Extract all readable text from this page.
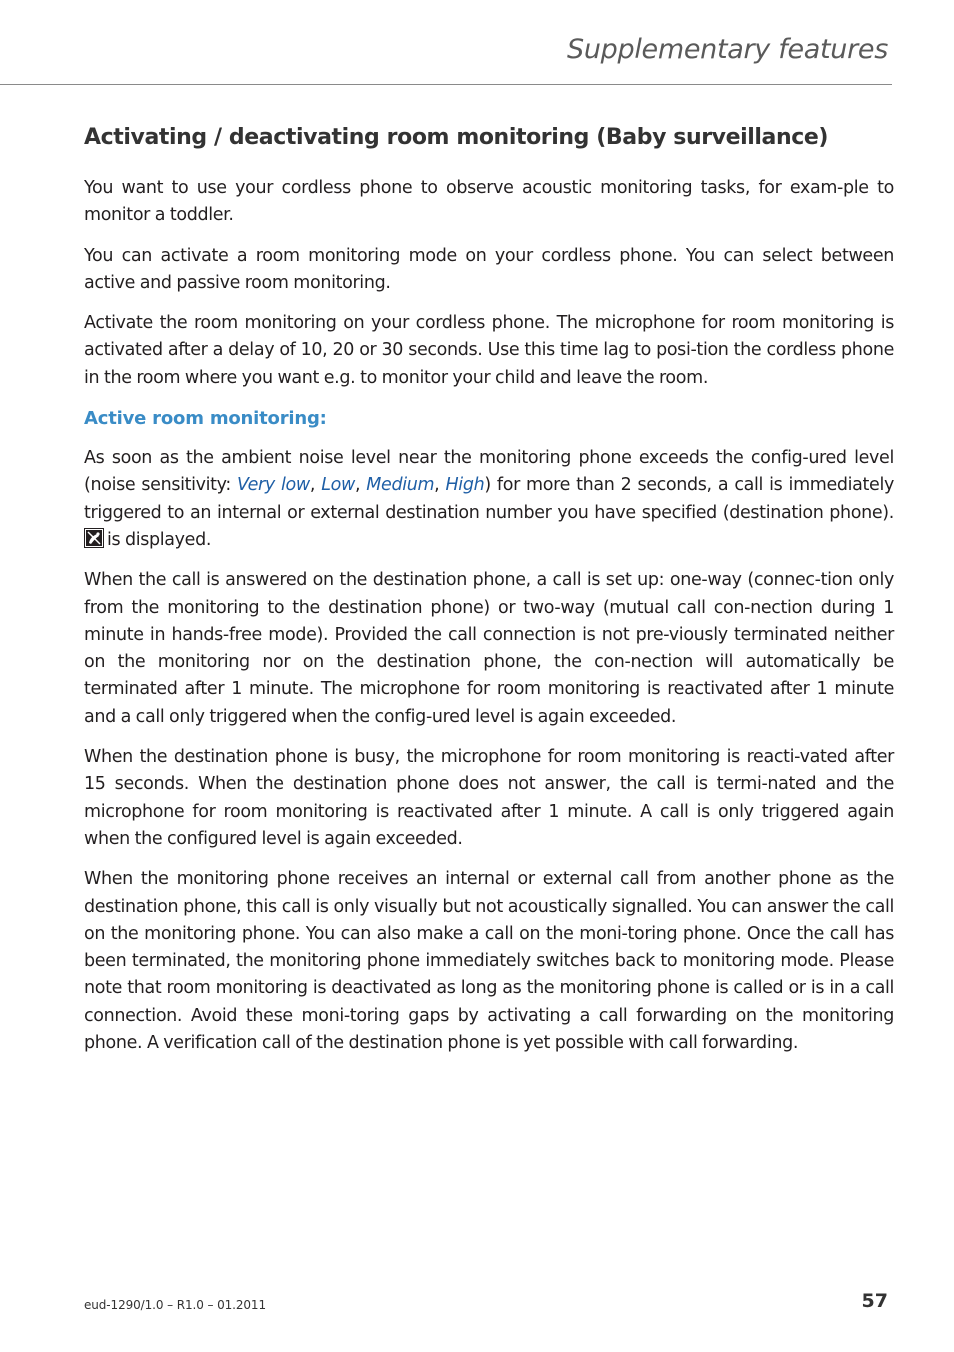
Supplementary features
Activating / deactivating room monitoring (Baby surveillance)

You want to use your cordless phone to observe acoustic monitoring tasks, for exam-ple to monitor a toddler.

You can activate a room monitoring mode on your cordless phone. You can select between active and passive room monitoring.

Activate the room monitoring on your cordless phone. The microphone for room monitoring is activated after a delay of 10, 20 or 30 seconds. Use this time lag to posi-tion the cordless phone in the room where you want e.g. to monitor your child and leave the room.

Active room monitoring:

As soon as the ambient noise level near the monitoring phone exceeds the config-ured level (noise sensitivity: Very low, Low, Medium, High) for more than 2 seconds, a call is immediately triggered to an internal or external destination number you have specified (destination phone). is displayed.

When the call is answered on the destination phone, a call is set up: one-way (connec-tion only from the monitoring to the destination phone) or two-way (mutual call con-nection during 1 minute in hands-free mode). Provided the call connection is not pre-viously terminated neither on the monitoring nor on the destination phone, the con-nection will automatically be terminated after 1 minute. The microphone for room monitoring is reactivated after 1 minute and a call only triggered when the config-ured level is again exceeded.

When the destination phone is busy, the microphone for room monitoring is reacti-vated after 15 seconds. When the destination phone does not answer, the call is termi-nated and the microphone for room monitoring is reactivated after 1 minute. A call is only triggered again when the configured level is again exceeded.

When the monitoring phone receives an internal or external call from another phone as the destination phone, this call is only visually but not acoustically signalled. You can answer the call on the monitoring phone. You can also make a call on the moni-toring phone. Once the call has been terminated, the monitoring phone immediately switches back to monitoring mode. Please note that room monitoring is deactivated as long as the monitoring phone is called or is in a call connection. Avoid these moni-toring gaps by activating a call forwarding on the monitoring phone. A verification call of the destination phone is yet possible with call forwarding.

eud-1290/1.0 – R1.0 – 01.2011	57
